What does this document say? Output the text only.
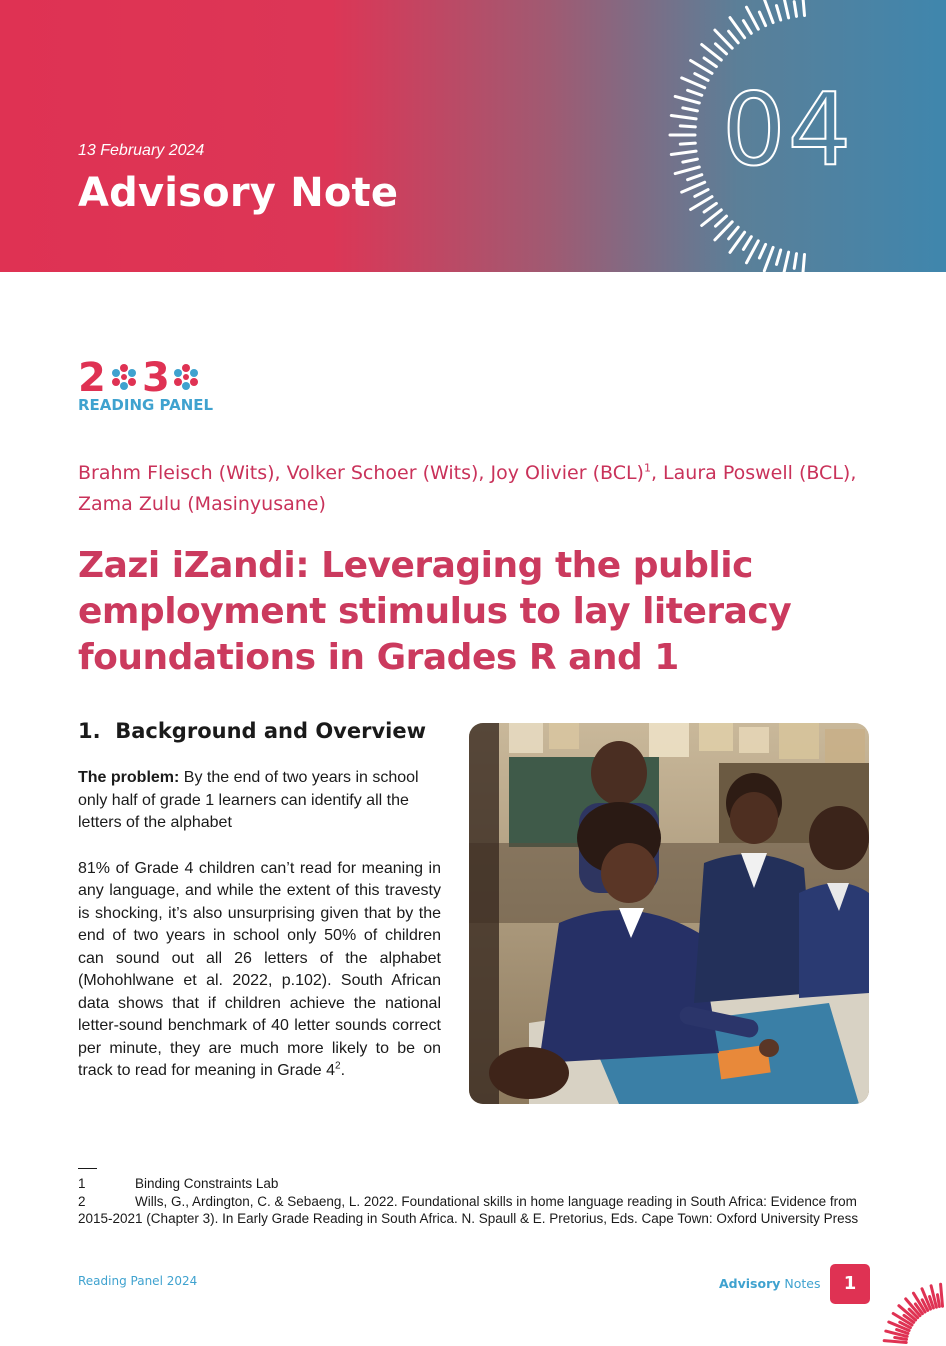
13 February 2024
Advisory Note
04
2 3
READING PANEL
Brahm Fleisch (Wits), Volker Schoer (Wits), Joy Olivier (BCL)$^1$, Laura Poswell (BCL),
Zama Zulu (Masinyusane)
Zazi iZandi: Leveraging the public employment stimulus to lay literacy foundations in Grades R and 1
1. Background and Overview

The problem: By the end of two years in school only half of grade 1 learners can identify all the letters of the alphabet

81% of Grade 4 children can’t read for meaning in any language, and while the extent of this travesty is shocking, it’s also unsurprising given that by the end of two years in school only 50% of children can sound out all 26 letters of the alphabet (Mohohlwane et al. 2022, p.102). South African data shows that if children achieve the national letter-sound benchmark of 40 letter sounds correct per minute, they are much more likely to be on track to read for meaning in Grade $4^2$.

1	Binding Constraints Lab
2	Wills, G., Ardington, C. & Sebaeng, L. 2022. Foundational skills in home language reading in South Africa: Evidence from 2015-2021 (Chapter 3). In Early Grade Reading in South Africa. N. Spaull & E. Pretorius, Eds. Cape Town: Oxford University Press
Reading Panel 2024	Advisory Notes	1
